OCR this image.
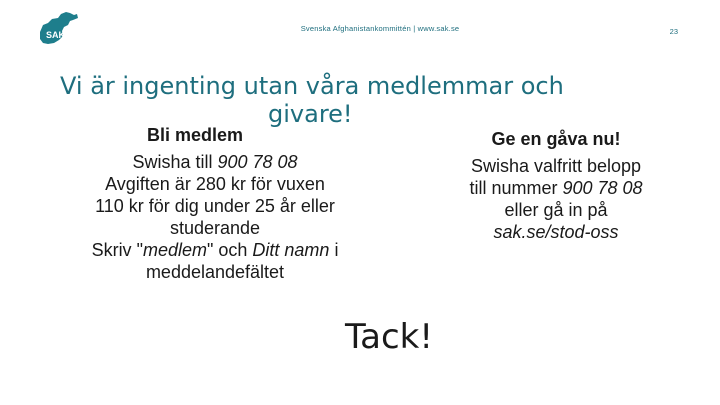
SAK
Svenska Afghanistankommittén | www.sak.se	23
Vi är ingenting utan våra medlemmar och
givare!
Bli medlem
Swisha till 900 78 08
Avgiften är 280 kr för vuxen
110 kr för dig under 25 år eller
studerande
Skriv "medlem" och Ditt namn i
meddelandefältet
Ge en gåva nu!
Swisha valfritt belopp
till nummer 900 78 08
eller gå in på
sak.se/stod-oss
Tack!
